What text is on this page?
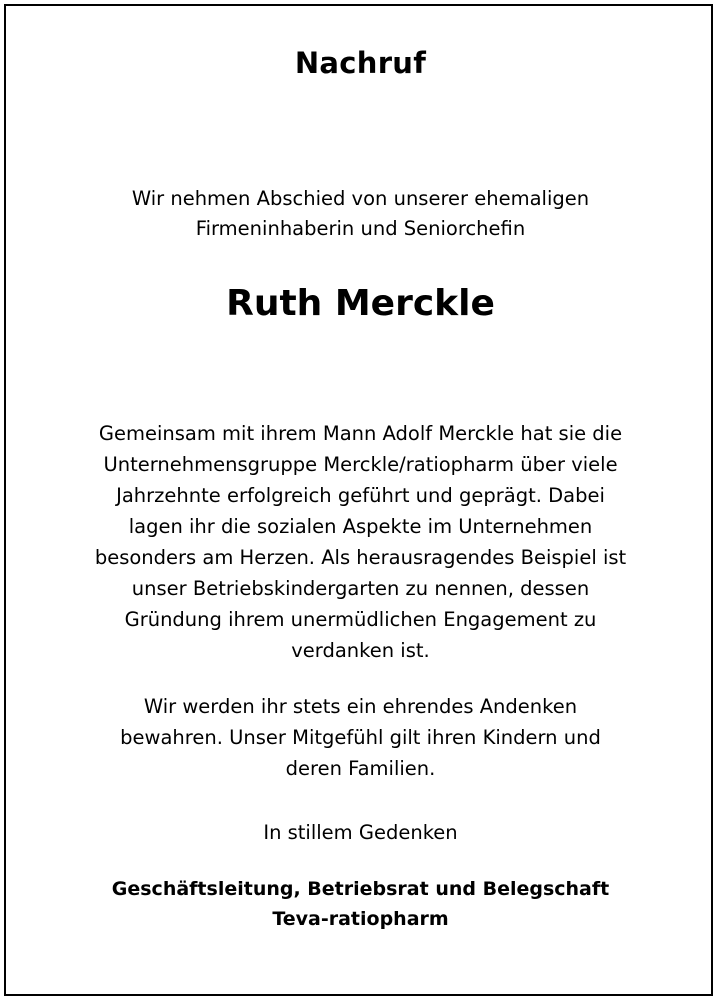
Nachruf
Wir nehmen Abschied von unserer ehemaligen
Firmeninhaberin und Seniorchefin
Ruth Merckle
Gemeinsam mit ihrem Mann Adolf Merckle hat sie die
Unternehmensgruppe Merckle/ratiopharm über viele
Jahrzehnte erfolgreich geführt und geprägt. Dabei
lagen ihr die sozialen Aspekte im Unternehmen
besonders am Herzen. Als herausragendes Beispiel ist
unser Betriebskindergarten zu nennen, dessen
Gründung ihrem unermüdlichen Engagement zu
verdanken ist.
Wir werden ihr stets ein ehrendes Andenken
bewahren. Unser Mitgefühl gilt ihren Kindern und
deren Familien.
In stillem Gedenken
Geschäftsleitung, Betriebsrat und Belegschaft
Teva-ratiopharm
